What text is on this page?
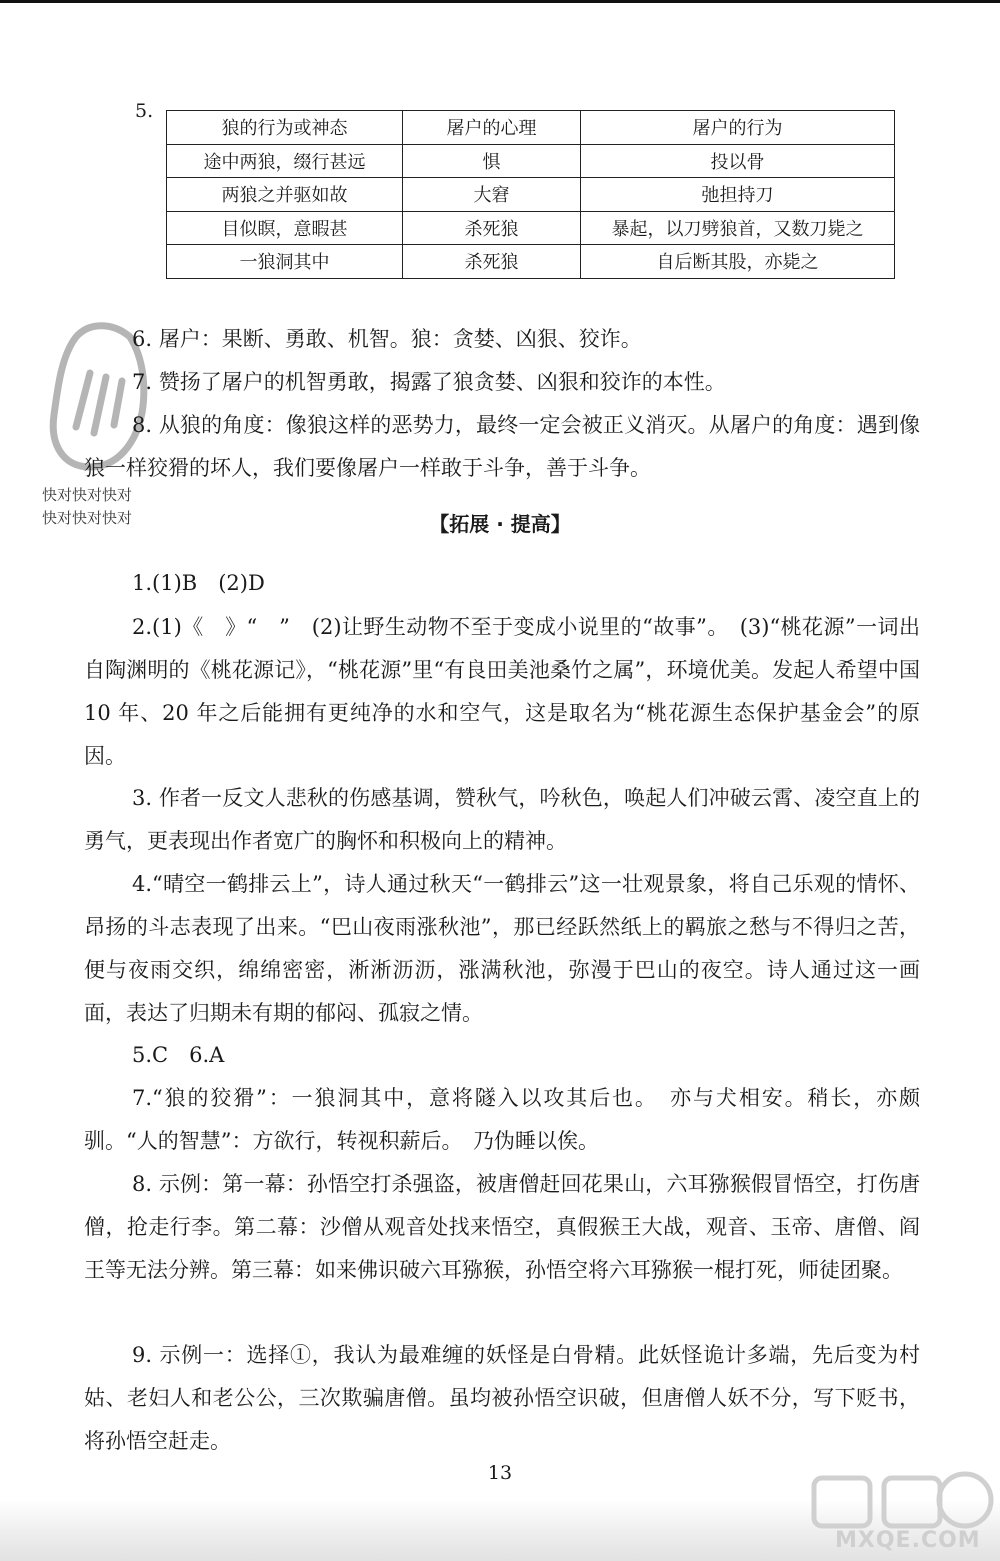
5.
狼的行为或神态	屠户的心理	屠户的行为
途中两狼，缀行甚远	惧	投以骨
两狼之并驱如故	大窘	弛担持刀
目似瞑，意暇甚	杀死狼	暴起，以刀劈狼首，又数刀毙之
一狼洞其中	杀死狼	自后断其股，亦毙之
6. 屠户：果断、勇敢、机智。狼：贪婪、凶狠、狡诈。
7. 赞扬了屠户的机智勇敢，揭露了狼贪婪、凶狠和狡诈的本性。
8. 从狼的角度：像狼这样的恶势力，最终一定会被正义消灭。从屠户的角度：遇到像狼一样狡猾的坏人，我们要像屠户一样敢于斗争，善于斗争。
快对快对快对
快对快对快对	【拓展 · 提高】
1.(1)B　(2)D
2.(1)《　》“　”　(2)让野生动物不至于变成小说里的“故事”。　(3)“桃花源”一词出自陶渊明的《桃花源记》，“桃花源”里“有良田美池桑竹之属”，环境优美。发起人希望中国 10 年、20 年之后能拥有更纯净的水和空气，这是取名为“桃花源生态保护基金会”的原因。
3. 作者一反文人悲秋的伤感基调，赞秋气，吟秋色，唤起人们冲破云霄、凌空直上的勇气，更表现出作者宽广的胸怀和积极向上的精神。
4.“晴空一鹤排云上”，诗人通过秋天“一鹤排云”这一壮观景象，将自己乐观的情怀、昂扬的斗志表现了出来。“巴山夜雨涨秋池”，那已经跃然纸上的羁旅之愁与不得归之苦，便与夜雨交织，绵绵密密，淅淅沥沥，涨满秋池，弥漫于巴山的夜空。诗人通过这一画面，表达了归期未有期的郁闷、孤寂之情。
5.C　6.A
7.“狼的狡猾”：一狼洞其中，意将隧入以攻其后也。　亦与犬相安。稍长，亦颇驯。“人的智慧”：方欲行，转视积薪后。　乃伪睡以俟。
8. 示例：第一幕：孙悟空打杀强盗，被唐僧赶回花果山，六耳猕猴假冒悟空，打伤唐僧，抢走行李。第二幕：沙僧从观音处找来悟空，真假猴王大战，观音、玉帝、唐僧、阎王等无法分辨。第三幕：如来佛识破六耳猕猴，孙悟空将六耳猕猴一棍打死，师徒团聚。
9. 示例一：选择①，我认为最难缠的妖怪是白骨精。此妖怪诡计多端，先后变为村姑、老妇人和老公公，三次欺骗唐僧。虽均被孙悟空识破，但唐僧人妖不分，写下贬书，将孙悟空赶走。
13
MXQE.COM
